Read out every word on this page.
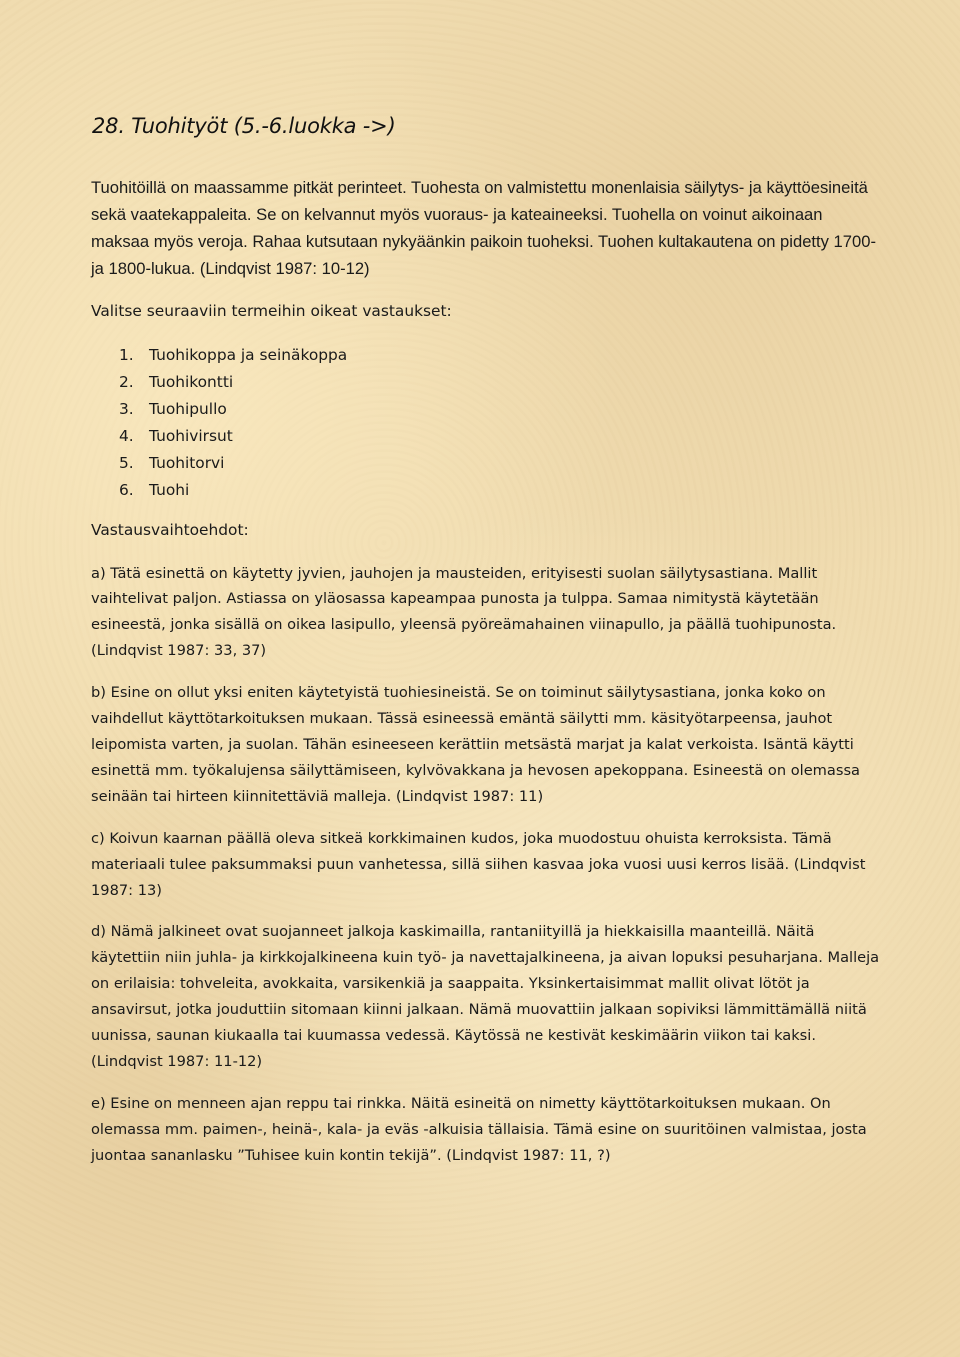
28. Tuohityöt (5.-6.luokka ->)

Tuohitöillä on maassamme pitkät perinteet. Tuohesta on valmistettu monenlaisia säilytys- ja käyttöesineitä sekä vaatekappaleita. Se on kelvannut myös vuoraus- ja kateaineeksi. Tuohella on voinut aikoinaan maksaa myös veroja. Rahaa kutsutaan nykyäänkin paikoin tuoheksi. Tuohen kultakautena on pidetty 1700- ja 1800-lukua. (Lindqvist 1987: 10-12)

Valitse seuraaviin termeihin oikeat vastaukset:

1. Tuohikoppa ja seinäkoppa
2. Tuohikontti
3. Tuohipullo
4. Tuohivirsut
5. Tuohitorvi
6. Tuohi

Vastausvaihtoehdot:

a) Tätä esinettä on käytetty jyvien, jauhojen ja mausteiden, erityisesti suolan säilytysastiana. Mallit vaihtelivat paljon. Astiassa on yläosassa kapeampaa punosta ja tulppa. Samaa nimitystä käytetään esineestä, jonka sisällä on oikea lasipullo, yleensä pyöreämahainen viinapullo, ja päällä tuohipunosta. (Lindqvist 1987: 33, 37)

b) Esine on ollut yksi eniten käytetyistä tuohiesineistä. Se on toiminut säilytysastiana, jonka koko on vaihdellut käyttötarkoituksen mukaan. Tässä esineessä emäntä säilytti mm. käsityötarpeensa, jauhot leipomista varten, ja suolan. Tähän esineeseen kerättiin metsästä marjat ja kalat verkoista. Isäntä käytti esinettä mm. työkalujensa säilyttämiseen, kylvövakkana ja hevosen apekoppana. Esineestä on olemassa seinään tai hirteen kiinnitettäviä malleja. (Lindqvist 1987: 11)

c) Koivun kaarnan päällä oleva sitkeä korkkimainen kudos, joka muodostuu ohuista kerroksista. Tämä materiaali tulee paksummaksi puun vanhetessa, sillä siihen kasvaa joka vuosi uusi kerros lisää. (Lindqvist 1987: 13)

d) Nämä jalkineet ovat suojanneet jalkoja kaskimailla, rantaniityillä ja hiekkaisilla maanteillä. Näitä käytettiin niin juhla- ja kirkkojalkineena kuin työ- ja navettajalkineena, ja aivan lopuksi pesuharjana. Malleja on erilaisia: tohveleita, avokkaita, varsikenkiä ja saappaita. Yksinkertaisimmat mallit olivat lötöt ja ansavirsut, jotka jouduttiin sitomaan kiinni jalkaan. Nämä muovattiin jalkaan sopiviksi lämmittämällä niitä uunissa, saunan kiukaalla tai kuumassa vedessä. Käytössä ne kestivät keskimäärin viikon tai kaksi. (Lindqvist 1987: 11-12)

e) Esine on menneen ajan reppu tai rinkka. Näitä esineitä on nimetty käyttötarkoituksen mukaan. On olemassa mm. paimen-, heinä-, kala- ja eväs -alkuisia tällaisia. Tämä esine on suuritöinen valmistaa, josta juontaa sananlasku ”Tuhisee kuin kontin tekijä”. (Lindqvist 1987: 11, ?)
